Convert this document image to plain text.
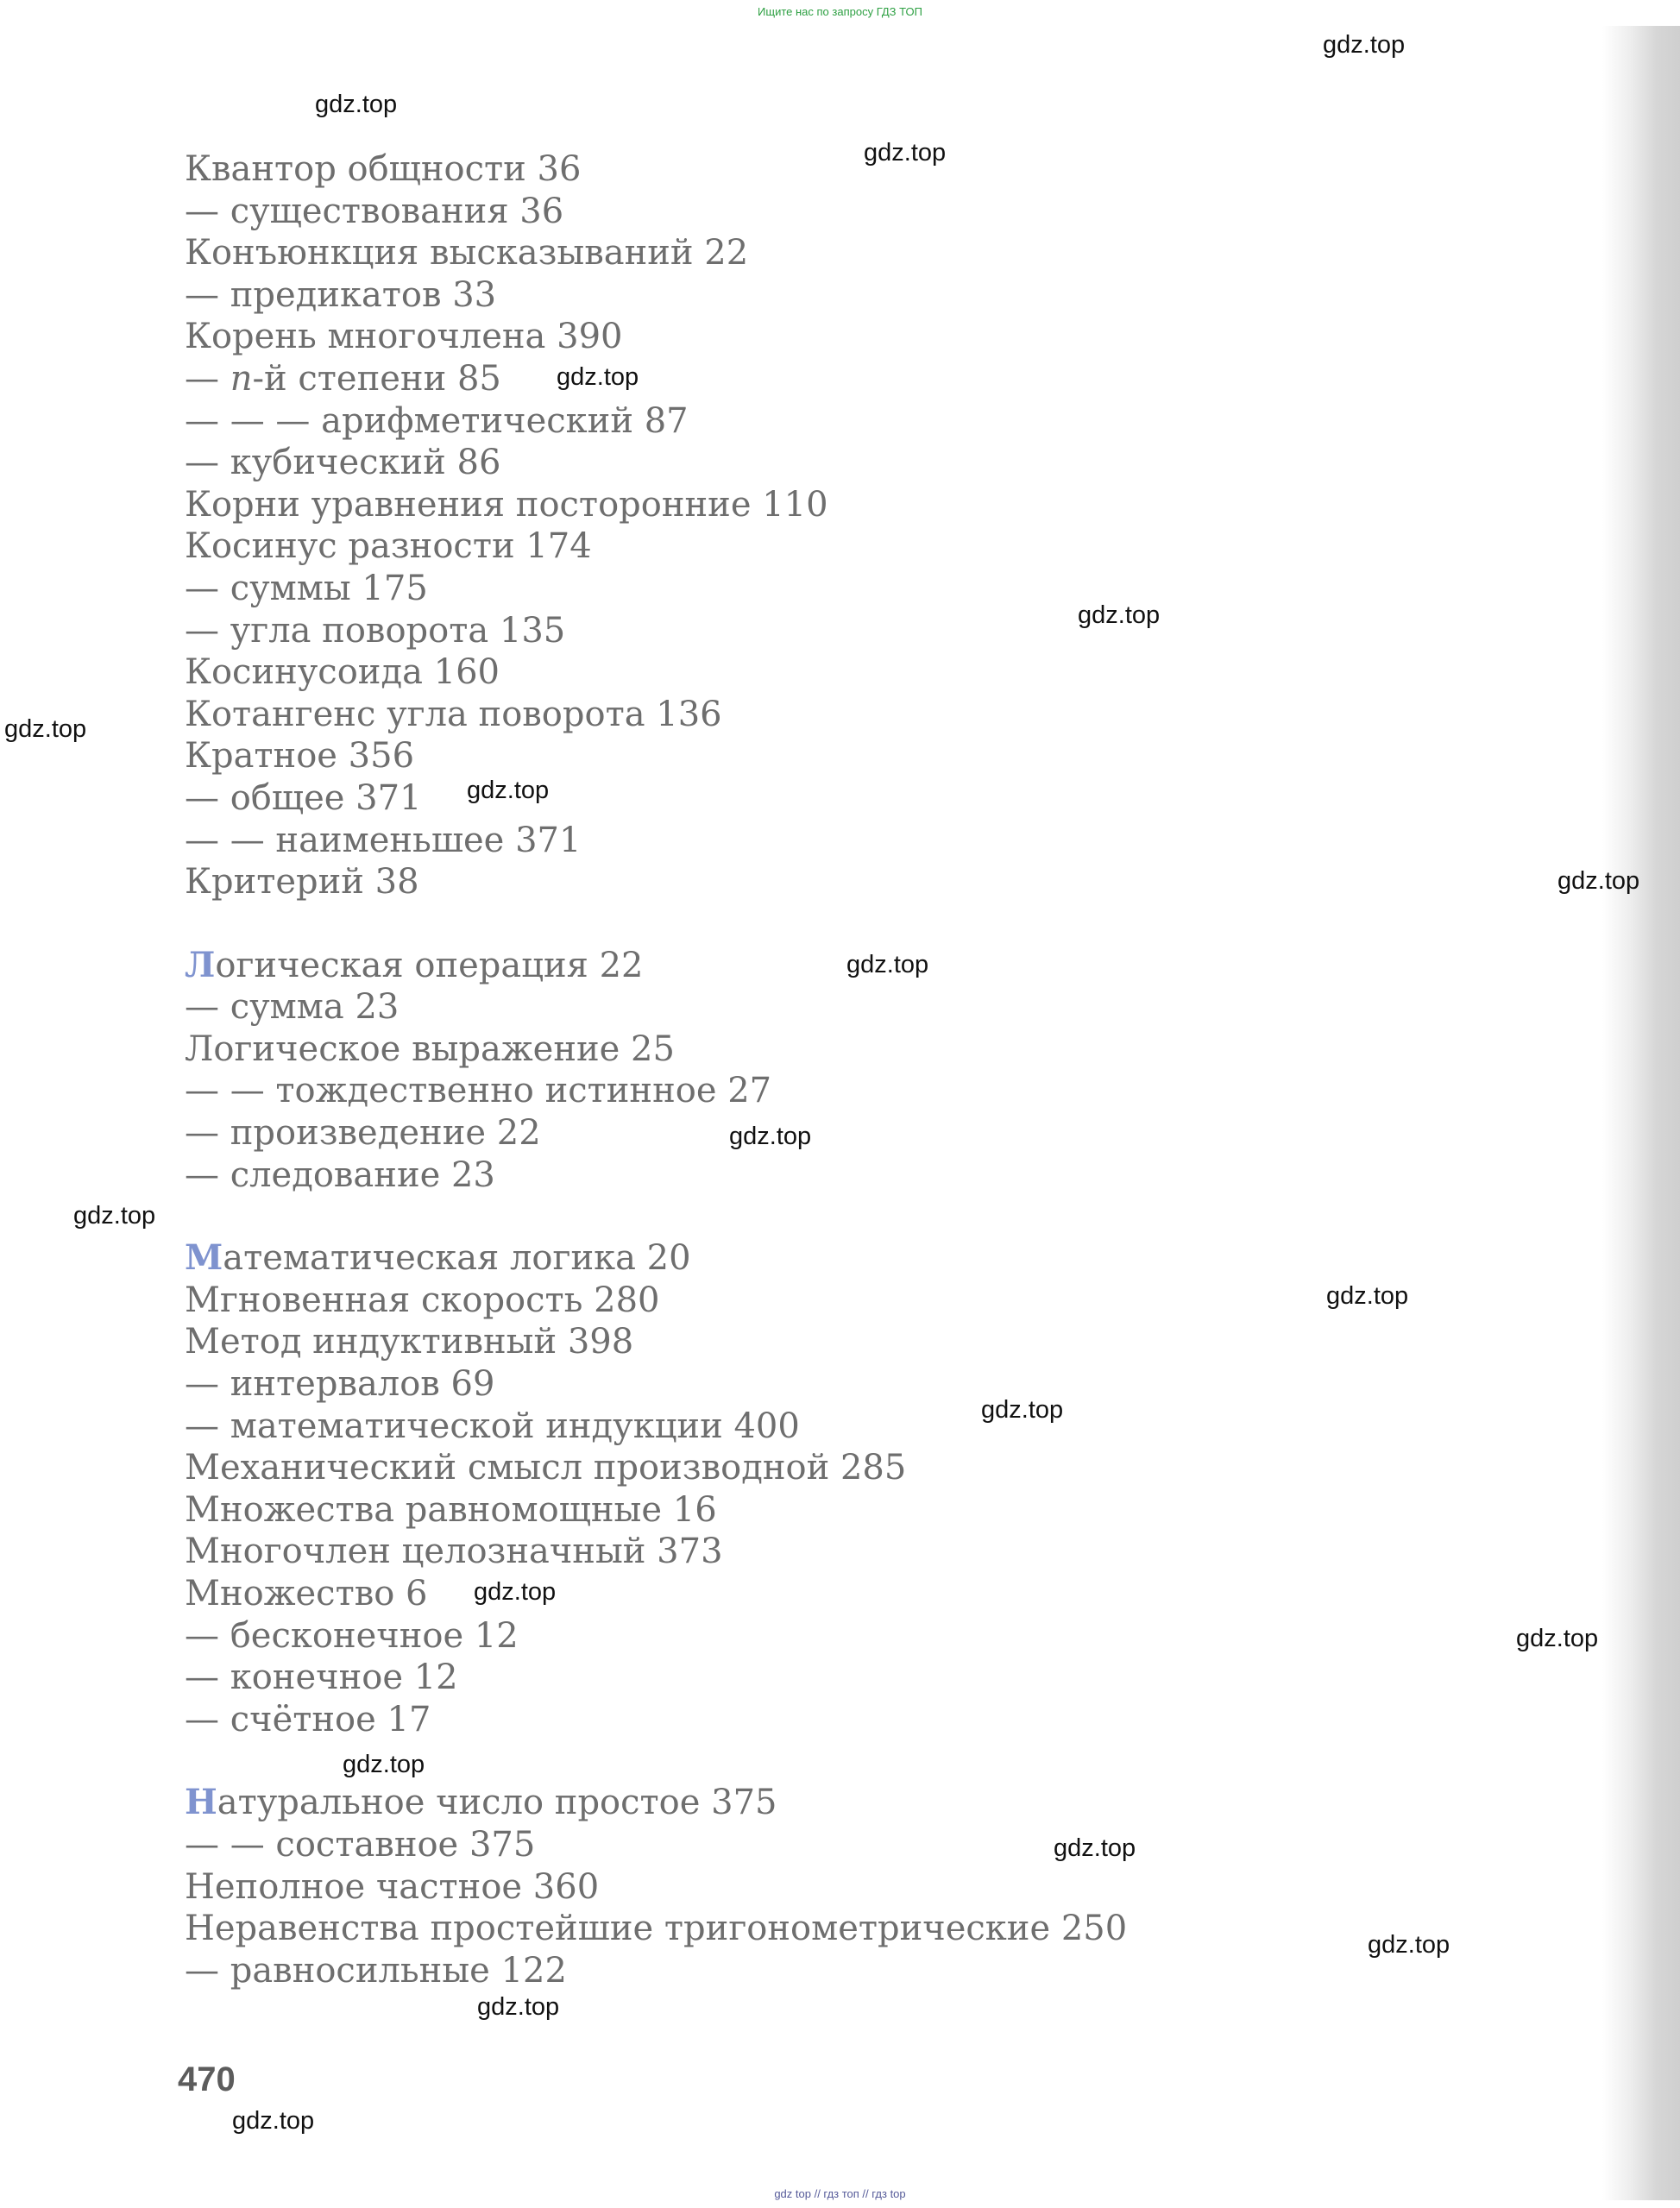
Ищите нас по запросу ГДЗ ТОП
Квантор общности 36
— существования 36
Конъюнкция высказываний 22
— предикатов 33
Корень многочлена 390
— n-й степени 85
— — — арифметический 87
— кубический 86
Корни уравнения посторонние 110
Косинус разности 174
— суммы 175
— угла поворота 135
Косинусоида 160
Котангенс угла поворота 136
Кратное 356
— общее 371
— — наименьшее 371
Критерий 38
Логическая операция 22
— сумма 23
Логическое выражение 25
— — тождественно истинное 27
— произведение 22
— следование 23
Математическая логика 20
Мгновенная скорость 280
Метод индуктивный 398
— интервалов 69
— математической индукции 400
Механический смысл производной 285
Множества равномощные 16
Многочлен целозначный 373
Множество 6
— бесконечное 12
— конечное 12
— счётное 17
Натуральное число простое 375
— — составное 375
Неполное частное 360
Неравенства простейшие тригонометрические 250
— равносильные 122
470
gdz.top
gdz.top
gdz.top
gdz.top
gdz.top
gdz.top
gdz.top
gdz.top
gdz.top
gdz.top
gdz.top
gdz.top
gdz.top
gdz.top
gdz.top
gdz.top
gdz.top
gdz.top
gdz.top
gdz.top
gdz top // гдз топ // гдз top
